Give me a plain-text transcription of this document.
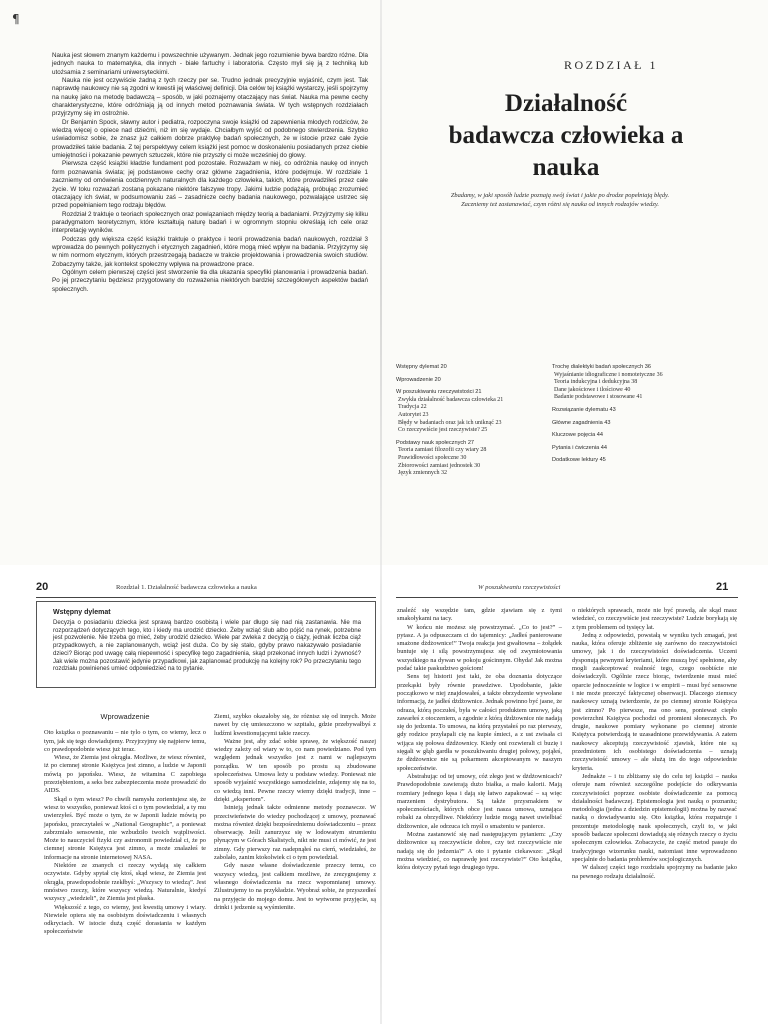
¶

Nauka jest słowem znanym każdemu i powszechnie używanym. Jednak jego rozumienie bywa bardzo różne. Dla jednych nauka to matematyka, dla innych - białe fartuchy i laboratoria. Często myli się ją z techniką lub utożsamia z seminariami uniwersyteckimi.

Nauka nie jest oczywiście żadną z tych rzeczy per se. Trudno jednak precyzyjnie wyjaśnić, czym jest. Tak naprawdę naukowcy nie są zgodni w kwestii jej właściwej definicji. Dla celów tej książki wystarczy, jeśli spojrzymy na naukę jako na metodę badawczą – sposób, w jaki poznajemy otaczający nas świat. Nauka ma pewne cechy charakterystyczne, które odróżniają ją od innych metod poznawania świata. W tych wstępnych rozdziałach przyjrzymy się im ostrożnie.

Dr Benjamin Spock, sławny autor i pediatra, rozpoczyna swoje książki od zapewnienia młodych rodziców, że wiedzą więcej o opiece nad dziećmi, niż im się wydaje. Chciałbym wyjść od podobnego stwierdzenia. Szybko uświadomisz sobie, że znasz już całkiem dobrze praktykę badań społecznych, że w istocie przez całe życie prowadziłeś takie badania. Z tej perspektywy celem książki jest pomoc w doskonaleniu posiadanych przez ciebie umiejętności i pokazanie pewnych sztuczek, które nie przyszły ci może wcześniej do głowy.

Pierwsza część książki kładzie fundament pod pozostałe. Rozważam w niej, co odróżnia naukę od innych form poznawania świata; jej podstawowe cechy oraz główne zagadnienia, które podejmuje. W rozdziale 1 zaczniemy od omówienia codziennych naturalnych dla każdego człowieka, takich, które prowadziłeś przez całe życie. W toku rozważań zostaną pokazane niektóre fałszywe tropy. Jakimi ludzie podążają, próbując zrozumieć otaczający ich świat, w podsumowaniu zaś – zasadnicze cechy badania naukowego, pozwalające ustrzec się przed popełnianiem tego rodzaju błędów.

Rozdział 2 traktuje o teoriach społecznych oraz powiązaniach między teorią a badaniami. Przyjrzymy się kilku paradygmatom teoretycznym, które kształtują naturę badań i w ogromnym stopniu określają ich cele oraz interpretację wyników.

Podczas gdy większa część książki traktuje o praktyce i teorii prowadzenia badań naukowych, rozdział 3 wprowadza do pewnych politycznych i etycznych zagadnień, które mogą mieć wpływ na badania. Przyjrzymy się w nim normom etycznym, których przestrzegają badacze w trakcie projektowania i prowadzenia swoich studiów. Zobaczymy także, jak kontekst społeczny wpływa na prowadzone prace.

Ogólnym celem pierwszej części jest stworzenie tła dla ukazania specyfiki planowania i prowadzenia badań. Po jej przeczytaniu będziesz przygotowany do rozważenia niektórych bardziej szczegółowych aspektów badań społecznych.

ROZDZIAŁ 1
Działalność
badawcza człowieka a nauka
Zbadamy, w jaki sposób ludzie poznają swój świat i jakie po drodze popełniają błędy. Zaczniemy też zastanawiać, czym różni się nauka od innych rodzajów wiedzy.
Wstępny dylemat 20
Wprowadzenie 20
W poszukiwaniu rzeczywistości 21
Zwykła działalność badawcza człowieka 21
Tradycja 22
Autorytet 23
Błędy w badaniach oraz jak ich uniknąć 23
Co rzeczywiście jest rzeczywiste? 25
Podstawy nauk społecznych 27
Teoria zamiast filozofii czy wiary 28
Prawidłowości społeczne 30
Zbiorowości zamiast jednostek 30
Język zmiennych 32
Trochę dialektyki badań społecznych 36
Wyjaśnianie idiograficzne i nomotetyczne 36
Teoria indukcyjna i dedukcyjna 38
Dane jakościowe i ilościowe 40
Badanie podstawowe i stosowane 41
Rozwiązanie dylematu 43
Główne zagadnienia 43
Kluczowe pojęcia 44
Pytania i ćwiczenia 44
Dodatkowe lektury 45
20	Rozdział 1. Działalność badawcza człowieka a nauka	21
W poszukiwaniu rzeczywistości
Wstępny dylemat
Decyzja o posiadaniu dziecka jest sprawą bardzo osobistą i wiele par długo się nad nią zastanawia. Nie ma rozporządzeń dotyczących tego, kto i kiedy ma urodzić dziecko. Żeby wziąć ślub albo pójść na rynek, potrzebne jest pozwolenie. Nie trzeba go mieć, żeby urodzić dziecko. Wiele par zwleka z decyzją o ciąży, jednak liczba ciąż przypadkowych, a nie zaplanowanych, wciąż jest duża. Co by się stało, gdyby prawo nakazywało posiadanie dzieci? Biorąc pod uwagę całą niepewność i specyfikę tego zagadnienia, skąd przekonać innych ludzi i żywność? Jak wiele można pozostawić jedynie przypadkowi, jak zaplanować produkcję na kolejny rok? Po przeczytaniu tego rozdziału powinieneś umieć odpowiedzieć na to pytanie.
Wprowadzenie

Oto książka o poznawaniu – nie tylo o tym, co wiemy, lecz o tym, jak się tego dowiadujemy. Przyjrzyjmy się najpierw temu, co prawdopodobnie wiesz już teraz.

Wiesz, że Ziemia jest okrągła. Możliwe, że wiesz również, iż po ciemnej stronie Księżyca jest zimno, a ludzie w Japonii mówią po japońsku. Wiesz, że witamina C zapobiega przeziębieniom, a seks bez zabezpieczenia może prowadzić do AIDS.

Skąd o tym wiesz? Po chwili namysłu zorientujesz się, że wiesz to wszystko, ponieważ ktoś ci o tym powiedział, a ty mu uwierzyłeś. Być może o tym, że w Japonii ludzie mówią po japońsku, przeczytałeś w „National Geographic”, a ponieważ zabrzmiało sensownie, nie wzbudziło twoich wątpliwości. Może to nauczyciel fizyki czy astronomii powiedział ci, że po ciemnej stronie Księżyca jest zimno, a może znalazłeś te informacje na stronie internetowej NASA.

Niektóre ze znanych ci rzeczy wydają się całkiem oczywiste. Gdyby spytał cię ktoś, skąd wiesz, że Ziemia jest okrągła, prawdopodobnie rzekłbyś: „Wszyscy to wiedzą”. Jest mnóstwo rzeczy, które wszyscy wiedzą. Naturalnie, kiedyś wszyscy „wiedzieli”, że Ziemia jest płaska.

Większość z tego, co wiemy, jest kwestią umowy i wiary. Niewiele opiera się na osobistym doświadczeniu i własnych odkryciach. W istocie dużą część dorastania w każdym społeczeństwie

Ziemi, szybko okazałoby się, że różnisz się od innych. Może nawet by cię umieszczono w szpitalu, gdzie przebywałbyś z ludźmi kwestionującymi takie rzeczy.

Ważne jest, aby zdać sobie sprawę, że większość naszej wiedzy zależy od wiary w to, co nam powiedziano. Pod tym względem jednak wszystko jest z nami w najlepszym porządku. W ten sposób po prostu są zbudowane społeczeństwa. Umowa leży u podstaw wiedzy. Ponieważ nie sposób wyjaśnić wszystkiego samodzielnie, zdajemy się na to, co wiedzą inni. Pewne rzeczy wiemy dzięki tradycji, inne – dzięki „ekspertom”.

Istnieją jednak także odmienne metody poznawcze. W przeciwieństwie do wiedzy pochodzącej z umowy, poznawać można również dzięki bezpośredniemu doświadczeniu – przez obserwację. Jeśli zanurzysz się w lodowatym strumieniu płynącym w Górach Skalistych, nikt nie musi ci mówić, że jest zimny. Gdy pierwszy raz nadepnąłeś na cierń, wiedziałeś, że zabolało, zanim ktokolwiek ci o tym powiedział.

Gdy nasze własne doświadczenie przeczy temu, co wszyscy wiedzą, jest całkiem możliwe, że zrezygnujemy z własnego doświadczenia na rzecz wspomnianej umowy. Zilustrujemy to na przykładzie. Wyobraź sobie, że przyszedłeś na przyjęcie do mojego domu. Jest to wytworne przyjęcie, są drinki i jedzenie są wyśmienite.

znaleźć się wszędzie tam, gdzie zjawiam się z tymi smakołykami na tacy.

W końcu nie możesz się powstrzymać. „Co to jest?” – pytasz. A ja odpuszczam ci do tajemnicy: „Jadłeś panierowane smażone dżdżownice!” Twoja reakcja jest gwałtowna – żołądek buntuje się i silą powstrzymujesz się od zwymiotowania wszystkiego na dywan w pokoju gościnnym. Ohyda! Jak można podać takie paskudztwo gościom!

Sens tej historii jest taki, że oba doznania dotyczące przekąski były równie prawdziwe. Upodobanie, jakie początkowo w niej znajdowałeś, a także obrzydzenie wywołane informacją, że jadłeś dżdżownice. Jednak powinno być jasne, że odraza, którą poczułeś, była w całości produktem umowy, jaką zawarłeś z otoczeniem, a zgodnie z którą dżdżownice nie nadają się do jedzenia. To umowa, na którą przystałeś po raz pierwszy, gdy rodzice przyłapali cię na kupie śmieci, a z ust zwisała ci wijąca się połowa dżdżownicy. Kiedy oni rozwierali ci buzię i sięgali w głąb gardła w poszukiwaniu drugiej połowy, pojąłeś, że dżdżownice nie są pokarmem akceptowanym w naszym społeczeństwie.

Abstrahując od tej umowy, cóż złego jest w dżdżownicach? Prawdopodobnie zawierają dużo białka, a mało kalorii. Mają rozmiary jednego kęsa i dają się łatwo zapakować – są więc marzeniem dystrybutora. Są także przysmakiem w społecznościach, których obce jest nasza umowa, uznająca robaki za obrzydliwe. Niektórzy ludzie mogą nawet uwielbiać dżdżownice, ale odrzuca ich myśl o smażeniu w panierce.

Można zastanowić się nad następującym pytaniem: „Czy dżdżownice są rzeczywiście dobre, czy też rzeczywiście nie nadają się do jedzenia?” A oto i pytanie ciekawsze: „Skąd można wiedzieć, co naprawdę jest rzeczywiste?” Oto książka, która dotyczy pytań tego drugiego typu.

o niektórych sprawach, może nie być prawdą, ale skąd masz wiedzieć, co rzeczywiście jest rzeczywiste? Ludzie borykają się z tym problemem od tysięcy lat.

Jedną z odpowiedzi, powstałą w wyniku tych zmagań, jest nauka, która oferuje zbliżenie się zarówno do rzeczywistości umowy, jak i do rzeczywistości doświadczenia. Uczeni dysponują pewnymi kryteriami, które muszą być spełnione, aby mogli zaakceptować realność tego, czego osobiście nie doświadczyli. Ogólnie rzecz biorąc, twierdzenie musi mieć oparcie jednocześnie w logice i w empirii – musi być sensowne i nie może przeczyć faktycznej obserwacji. Dlaczego ziemscy naukowcy uznają twierdzenie, że po ciemnej stronie Księżyca jest zimno? Po pierwsze, ma ono sens, ponieważ ciepło powierzchni Księżyca pochodzi od promieni słonecznych. Po drugie, naukowe pomiary wykonane po ciemnej stronie Księżyca potwierdzają te uzasadnione przewidywania. A zatem naukowcy akceptują rzeczywistość zjawisk, które nie są przedmiotem ich osobistego doświadczenia – uznają rzeczywistość umowy – ale służą im do tego odpowiednie kryteria.

Jednakże – i tu zbliżamy się do celu tej książki – nauka oferuje nam również szczególne podejście do odkrywania rzeczywistości poprzez osobiste doświadczenie za pomocą działalności badawczej. Epistemologia jest nauką o poznaniu; metodologia (jedna z dziedzin epistemologii) można by nazwać nauką o dowiadywaniu się. Oto książka, która rozpatruje i prezentuje metodologię nauk społecznych, czyli to, w jaki sposób badacze społeczni dowiadują się różnych rzeczy o życiu społecznym człowieka. Zobaczycie, że część metod pasuje do tradycyjnego wizerunku nauki, natomiast inne wprowadzono specjalnie do badania problemów socjologicznych.

W dalszej części tego rozdziału spojrzymy na badanie jako na pewnego rodzaju działalność.
